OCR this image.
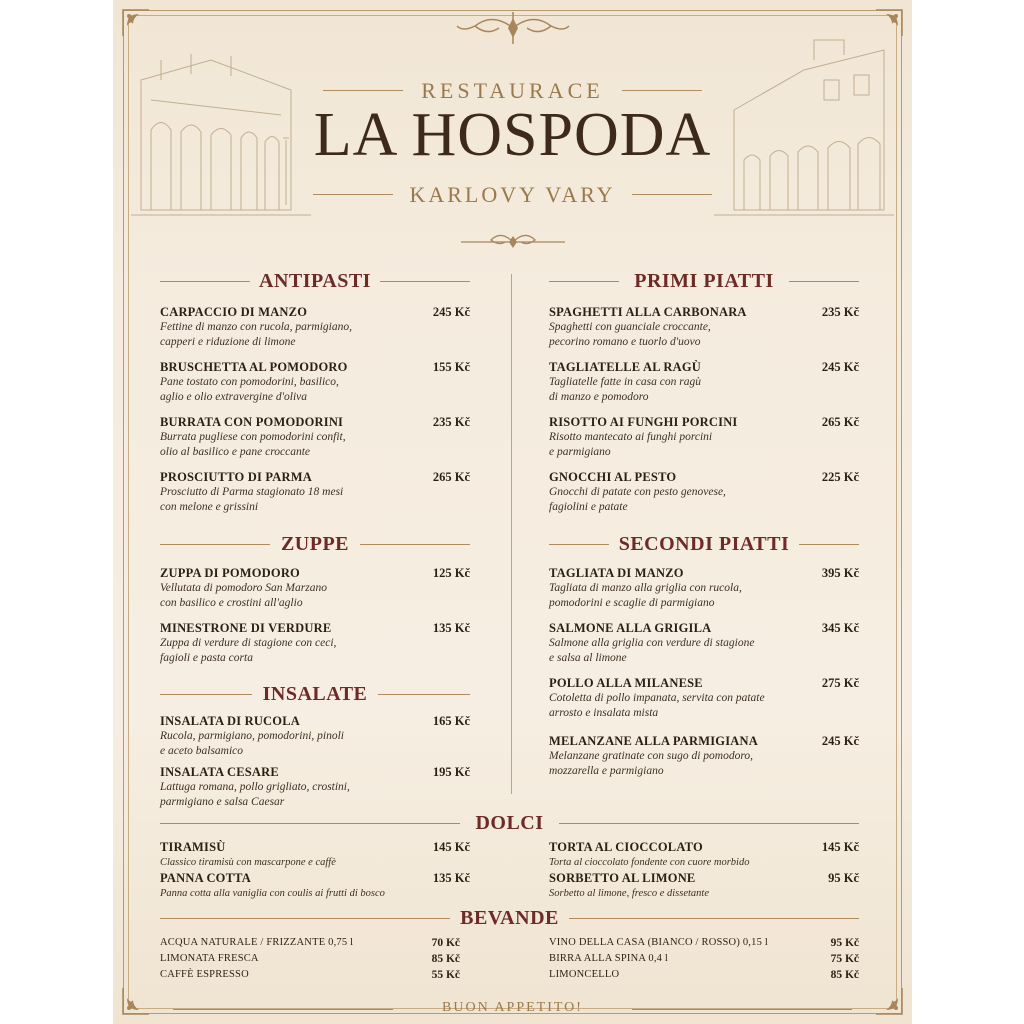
RESTAURACE
LA HOSPODA
KARLOVY VARY
ANTIPASTI
CARPACCIO DI MANZO	245 Kč
Fettine di manzo con rucola, parmigiano,
capperi e riduzione di limone
BRUSCHETTA AL POMODORO	155 Kč
Pane tostato con pomodorini, basilico,
aglio e olio extravergine d'oliva
BURRATA CON POMODORINI	235 Kč
Burrata pugliese con pomodorini confit,
olio al basilico e pane croccante
PROSCIUTTO DI PARMA	265 Kč
Prosciutto di Parma stagionato 18 mesi
con melone e grissini
ZUPPE
ZUPPA DI POMODORO	125 Kč
Vellutata di pomodoro San Marzano
con basilico e crostini all'aglio
MINESTRONE DI VERDURE	135 Kč
Zuppa di verdure di stagione con ceci,
fagioli e pasta corta
INSALATE
INSALATA DI RUCOLA	165 Kč
Rucola, parmigiano, pomodorini, pinoli
e aceto balsamico
INSALATA CESARE	195 Kč
Lattuga romana, pollo grigliato, crostini,
parmigiano e salsa Caesar
PRIMI PIATTI
SPAGHETTI ALLA CARBONARA	235 Kč
Spaghetti con guanciale croccante,
pecorino romano e tuorlo d'uovo
TAGLIATELLE AL RAGÙ	245 Kč
Tagliatelle fatte in casa con ragù
di manzo e pomodoro
RISOTTO AI FUNGHI PORCINI	265 Kč
Risotto mantecato ai funghi porcini
e parmigiano
GNOCCHI AL PESTO	225 Kč
Gnocchi di patate con pesto genovese,
fagiolini e patate
SECONDI PIATTI
TAGLIATA DI MANZO	395 Kč
Tagliata di manzo alla griglia con rucola,
pomodorini e scaglie di parmigiano
SALMONE ALLA GRIGILA	345 Kč
Salmone alla griglia con verdure di stagione
e salsa al limone
POLLO ALLA MILANESE	275 Kč
Cotoletta di pollo impanata, servita con patate
arrosto e insalata mista
MELANZANE ALLA PARMIGIANA	245 Kč
Melanzane gratinate con sugo di pomodoro,
mozzarella e parmigiano
DOLCI
TIRAMISÙ	145 Kč
Classico tiramisù con mascarpone e caffè
PANNA COTTA	135 Kč
Panna cotta alla vaniglia con coulis ai frutti di bosco
TORTA AL CIOCCOLATO	145 Kč
Torta al cioccolato fondente con cuore morbido
SORBETTO AL LIMONE	95 Kč
Sorbetto al limone, fresco e dissetante
BEVANDE
ACQUA NATURALE / FRIZZANTE 0,75 l	70 Kč
LIMONATA FRESCA	85 Kč
CAFFÈ ESPRESSO	55 Kč
VINO DELLA CASA (BIANCO / ROSSO) 0,15 l	95 Kč
BIRRA ALLA SPINA 0,4 l	75 Kč
LIMONCELLO	85 Kč
BUON APPETITO!
